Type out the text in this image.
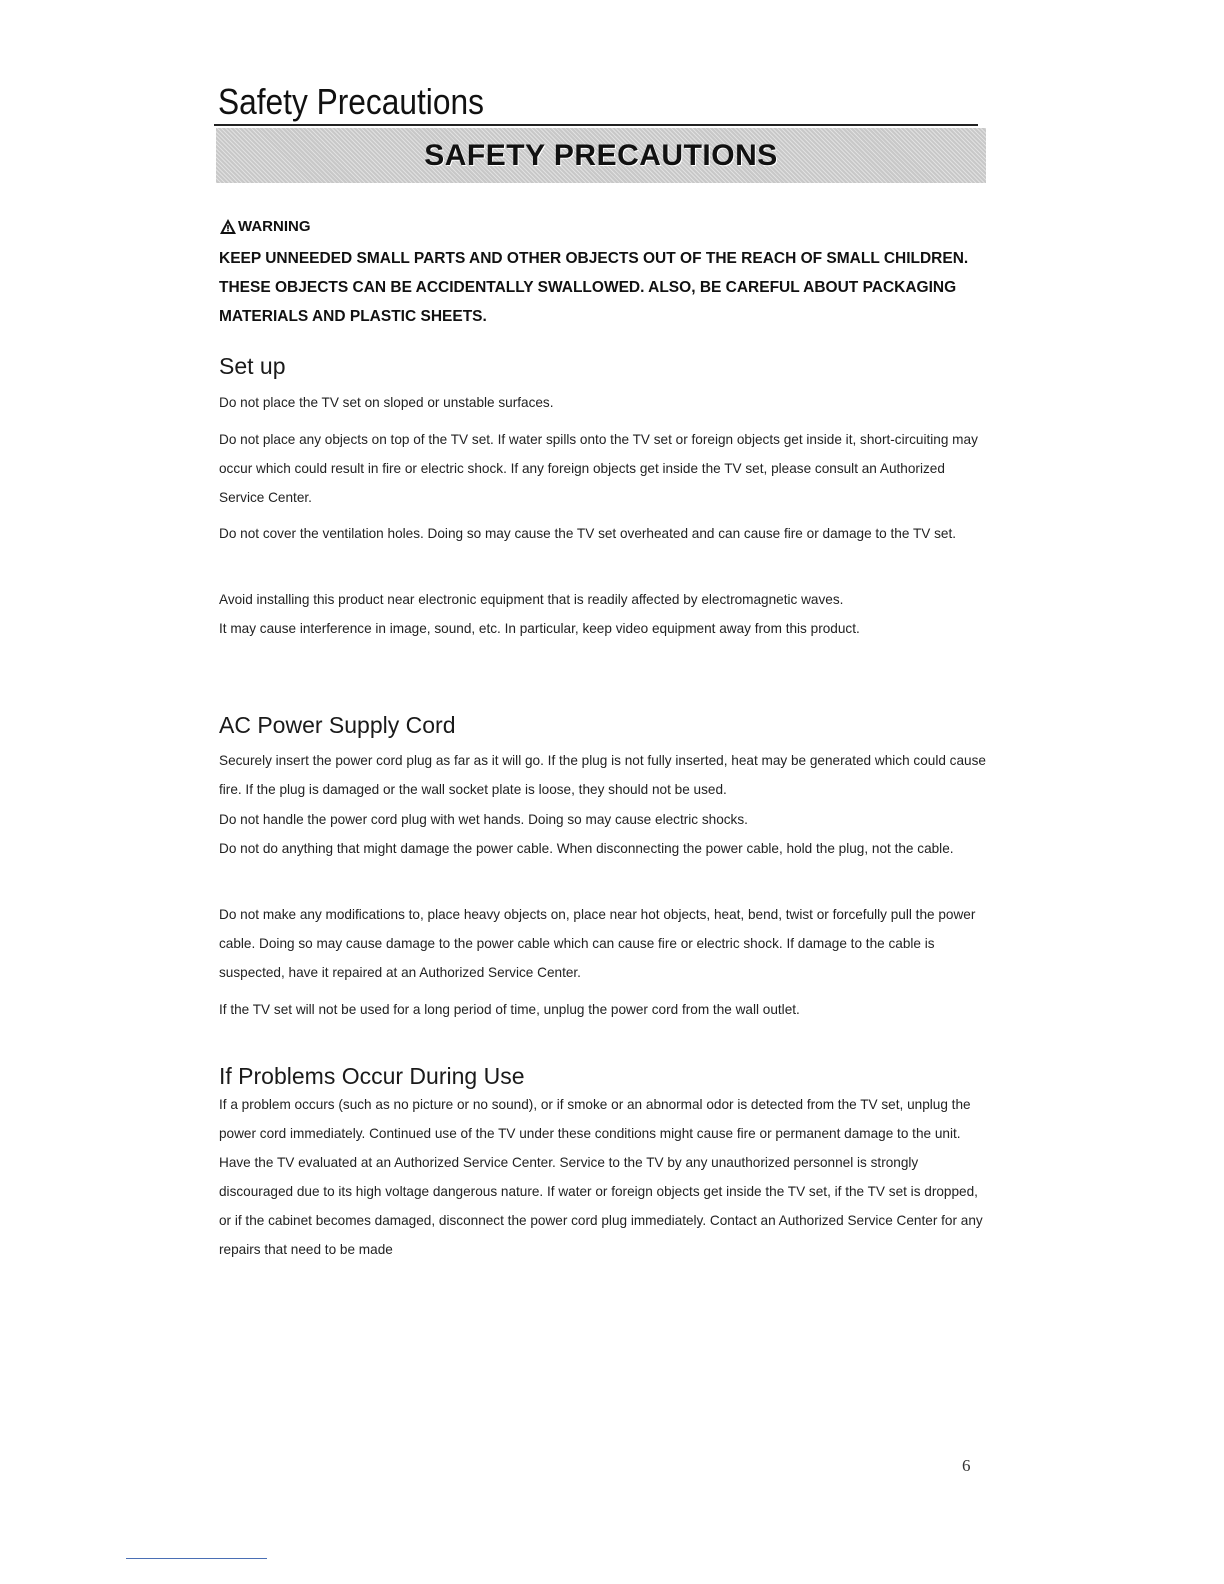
Safety Precautions
SAFETY PRECAUTIONS
WARNING

KEEP UNNEEDED SMALL PARTS AND OTHER OBJECTS OUT OF THE REACH OF SMALL CHILDREN. THESE OBJECTS CAN BE ACCIDENTALLY SWALLOWED. ALSO, BE CAREFUL ABOUT PACKAGING MATERIALS AND PLASTIC SHEETS.

Set up

Do not place the TV set on sloped or unstable surfaces.

Do not place any objects on top of the TV set. If water spills onto the TV set or foreign objects get inside it, short-circuiting may occur which could result in fire or electric shock. If any foreign objects get inside the TV set, please consult an Authorized Service Center.

Do not cover the ventilation holes. Doing so may cause the TV set overheated and can cause fire or damage to the TV set.

Avoid installing this product near electronic equipment that is readily affected by electromagnetic waves.

It may cause interference in image, sound, etc. In particular, keep video equipment away from this product.

AC Power Supply Cord

Securely insert the power cord plug as far as it will go. If the plug is not fully inserted, heat may be generated which could cause fire. If the plug is damaged or the wall socket plate is loose, they should not be used.

Do not handle the power cord plug with wet hands. Doing so may cause electric shocks.

Do not do anything that might damage the power cable. When disconnecting the power cable, hold the plug, not the cable.

Do not make any modifications to, place heavy objects on, place near hot objects, heat, bend, twist or forcefully pull the power cable. Doing so may cause damage to the power cable which can cause fire or electric shock. If damage to the cable is suspected, have it repaired at an Authorized Service Center.

If the TV set will not be used for a long period of time, unplug the power cord from the wall outlet.

If Problems Occur During Use

If a problem occurs (such as no picture or no sound), or if smoke or an abnormal odor is detected from the TV set, unplug the power cord immediately. Continued use of the TV under these conditions might cause fire or permanent damage to the unit. Have the TV evaluated at an Authorized Service Center. Service to the TV by any unauthorized personnel is strongly discouraged due to its high voltage dangerous nature. If water or foreign objects get inside the TV set, if the TV set is dropped, or if the cabinet becomes damaged, disconnect the power cord plug immediately. Contact an Authorized Service Center for any repairs that need to be made

6
